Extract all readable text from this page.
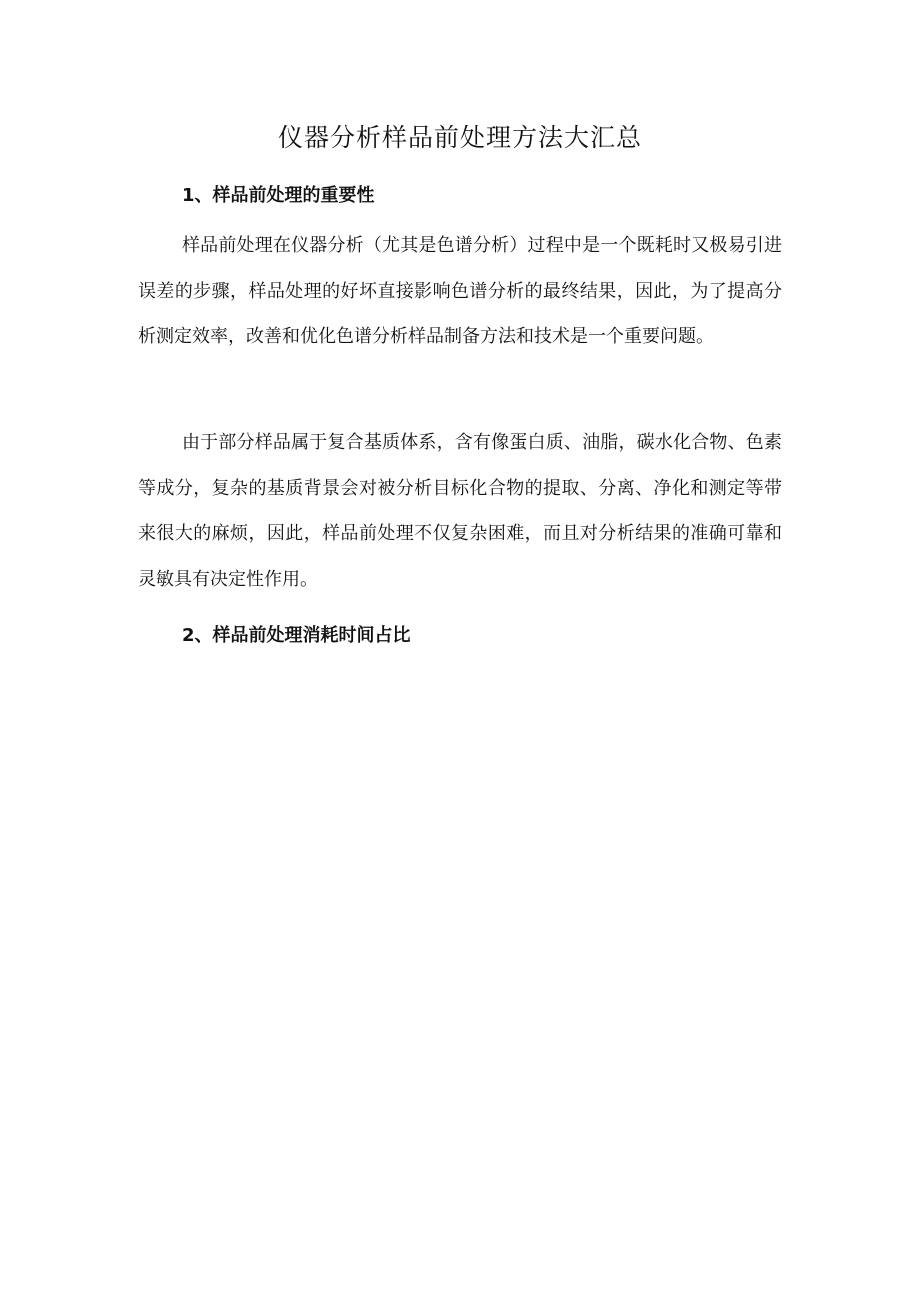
仪器分析样品前处理方法大汇总
1、样品前处理的重要性

样品前处理在仪器分析（尤其是色谱分析）过程中是一个既耗时又极易引进误差的步骤，样品处理的好坏直接影响色谱分析的最终结果，因此，为了提高分析测定效率，改善和优化色谱分析样品制备方法和技术是一个重要问题。

由于部分样品属于复合基质体系，含有像蛋白质、油脂，碳水化合物、色素等成分，复杂的基质背景会对被分析目标化合物的提取、分离、净化和测定等带来很大的麻烦，因此，样品前处理不仅复杂困难，而且对分析结果的准确可靠和灵敏具有决定性作用。

2、样品前处理消耗时间占比
